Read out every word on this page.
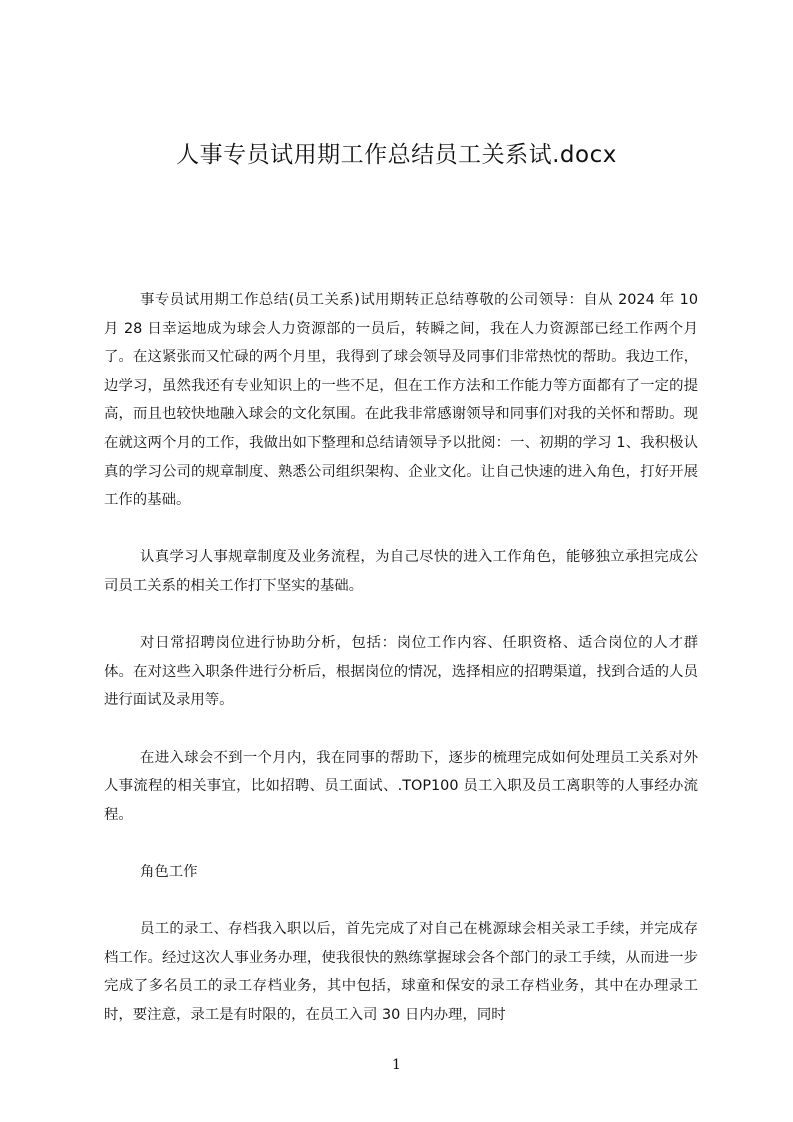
人事专员试用期工作总结员工关系试.docx

事专员试用期工作总结(员工关系)试用期转正总结尊敬的公司领导：自从 2024 年 10 月 28 日幸运地成为球会人力资源部的一员后，转瞬之间，我在人力资源部已经工作两个月了。在这紧张而又忙碌的两个月里，我得到了球会领导及同事们非常热忱的帮助。我边工作，边学习，虽然我还有专业知识上的一些不足，但在工作方法和工作能力等方面都有了一定的提高，而且也较快地融入球会的文化氛围。在此我非常感谢领导和同事们对我的关怀和帮助。现在就这两个月的工作，我做出如下整理和总结请领导予以批阅：一、初期的学习 1、我积极认真的学习公司的规章制度、熟悉公司组织架构、企业文化。让自己快速的进入角色，打好开展工作的基础。

认真学习人事规章制度及业务流程，为自己尽快的进入工作角色，能够独立承担完成公司员工关系的相关工作打下坚实的基础。

对日常招聘岗位进行协助分析，包括：岗位工作内容、任职资格、适合岗位的人才群体。在对这些入职条件进行分析后，根据岗位的情况，选择相应的招聘渠道，找到合适的人员进行面试及录用等。

在进入球会不到一个月内，我在同事的帮助下，逐步的梳理完成如何处理员工关系对外人事流程的相关事宜，比如招聘、员工面试、.TOP100 员工入职及员工离职等的人事经办流程。

角色工作

员工的录工、存档我入职以后，首先完成了对自己在桃源球会相关录工手续，并完成存档工作。经过这次人事业务办理，使我很快的熟练掌握球会各个部门的录工手续，从而进一步完成了多名员工的录工存档业务，其中包括，球童和保安的录工存档业务，其中在办理录工时，要注意，录工是有时限的，在员工入司 30 日内办理，同时

1
